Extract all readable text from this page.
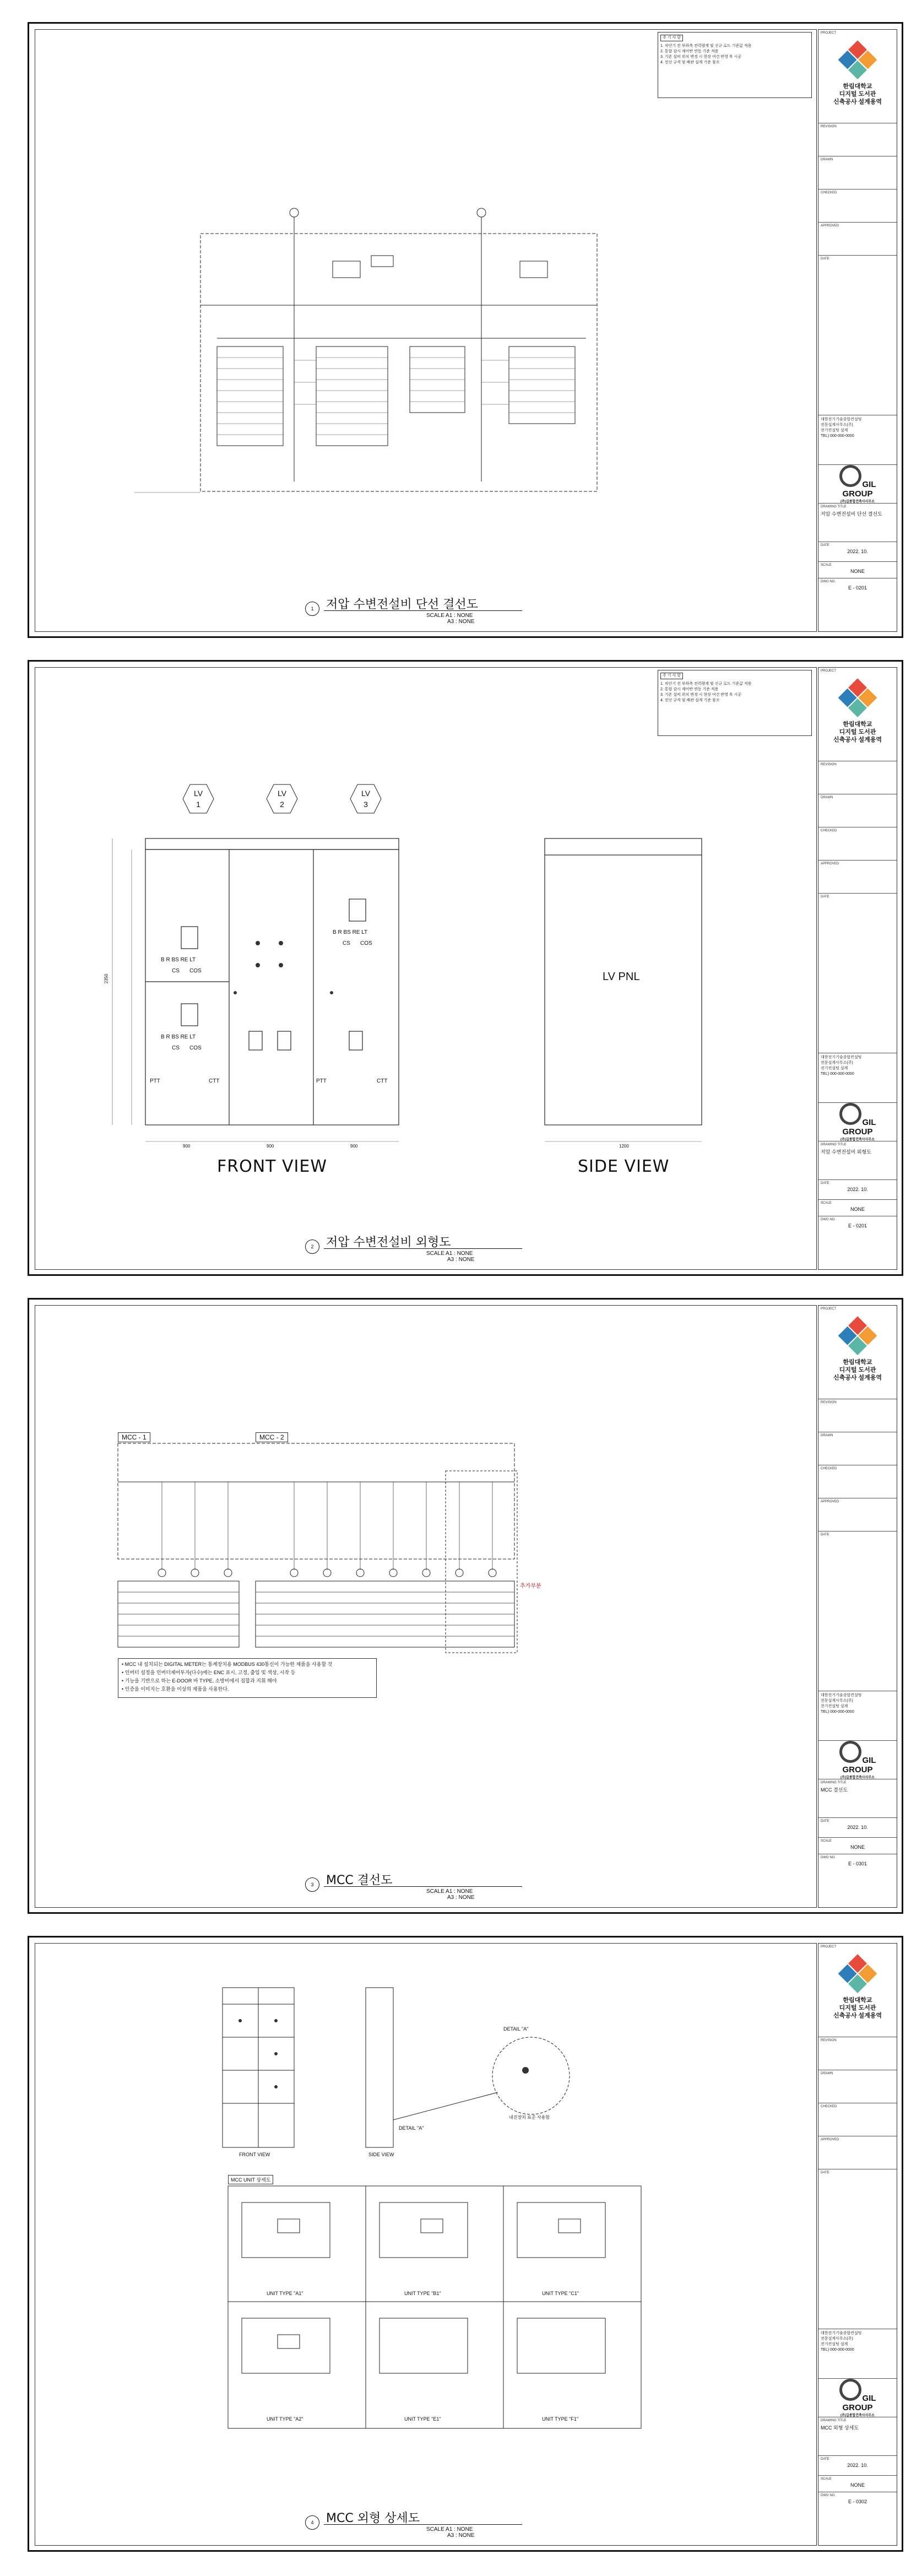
주 기 사 항
1. 차단기 전 부하측 전력량계 및 신규 로드 기준값 적용
2. 통합 감시 제어반 연동 기준 적용
3. 기존 설비 위치 변경 시 현장 여건 반영 후 시공
4. 전선 규격 및 배관 설계 기준 참조
1	저압 수변전설비 단선 결선도
SCALE A1 : NONE
A3 : NONE
PROJECT
한림대학교
디지털 도서관
신축공사 설계용역
REVISION
DRAWN
CHECKED
APPROVED
DATE
대한전기기술종합컨설팅
전문설계사무소(주)
전기컨설팅 설계
TEL) 000-000-0000
GIL
GROUP
(주)길종합건축사사무소
DRAWING TITLE
저압 수변전설비 단선 결선도
DATE
2022. 10.
SCALE
NONE
DWG NO.
E - 0201
주 기 사 항
1. 차단기 전 부하측 전력량계 및 신규 로드 기준값 적용
2. 통합 감시 제어반 연동 기준 적용
3. 기존 설비 위치 변경 시 현장 여건 반영 후 시공
4. 전선 규격 및 배관 설계 기준 참조
LV
1
LV
2
LV
3
B R BS RE LT
B R BS RE LT
B R BS RE LT
CS COS
CS COS
CS COS
PTT	CTT	PTT	CTT
900	900	900	1200
2350	LV PNL
FRONT VIEW	SIDE VIEW
2	저압 수변전설비 외형도
SCALE A1 : NONE
A3 : NONE
PROJECT
한림대학교
디지털 도서관
신축공사 설계용역
REVISION
DRAWN
CHECKED
APPROVED
DATE
대한전기기술종합컨설팅
전문설계사무소(주)
전기컨설팅 설계
TEL) 000-000-0000
GIL
GROUP
(주)길종합건축사사무소
DRAWING TITLE
저압 수변전설비 외형도
DATE
2022. 10.
SCALE
NONE
DWG NO.
E - 0201
MCC - 1	MCC - 2
추가부분
• MCC 내 설치되는 DIGITAL METER는 통계장치용 MODBUS 430통신이 가능한 제품을 사용할 것
• 인버터 설정을 인버터제어투자(다수)에는 ENC 표시, 고정, 출입 및 색상, 시작 등
• 기능을 기반으로 하는 E-DOOR 바 TYPE, 소방비에서 집합과 지휘 해야
• 인증을 이미지는 호환을 이상의 제품을 사용한다.
3	MCC 결선도
SCALE A1 : NONE
A3 : NONE
PROJECT
한림대학교
디지털 도서관
신축공사 설계용역
REVISION
DRAWN
CHECKED
APPROVED
DATE
대한전기기술종합컨설팅
전문설계사무소(주)
전기컨설팅 설계
TEL) 000-000-0000
GIL
GROUP
(주)길종합건축사사무소
DRAWING TITLE
MCC 결선도
DATE
2022. 10.
SCALE
NONE
DWG NO.
E - 0301
DETAIL "A"
DETAIL "A"
내진장치 표준 사용함
FRONT VIEW	SIDE VIEW
MCC UNIT 상세도
UNIT TYPE "A1"	UNIT TYPE "B1"	UNIT TYPE "C1"
UNIT TYPE "A2"	UNIT TYPE "E1"	UNIT TYPE "F1"
4	MCC 외형 상세도
SCALE A1 : NONE
A3 : NONE
PROJECT
한림대학교
디지털 도서관
신축공사 설계용역
REVISION
DRAWN
CHECKED
APPROVED
DATE
대한전기기술종합컨설팅
전문설계사무소(주)
전기컨설팅 설계
TEL) 000-000-0000
GIL
GROUP
(주)길종합건축사사무소
DRAWING TITLE
MCC 외형 상세도
DATE
2022. 10.
SCALE
NONE
DWG NO.
E - 0302
